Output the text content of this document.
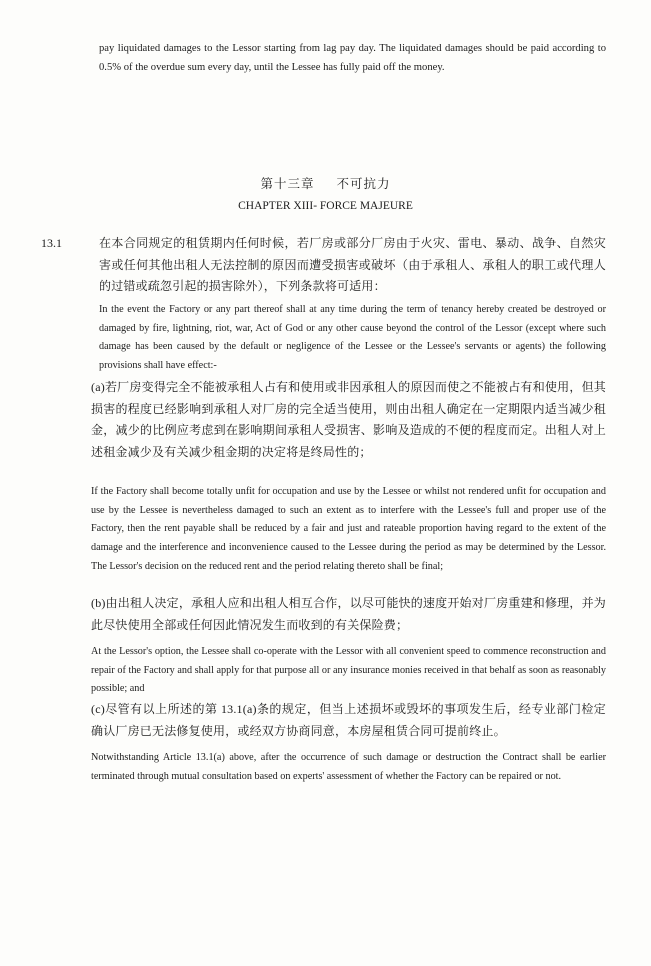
pay liquidated damages to the Lessor starting from lag pay day. The liquidated damages should be paid according to 0.5% of the overdue sum every day, until the Lessee has fully paid off the money.

第十三章 不可抗力
CHAPTER XIII- FORCE MAJEURE
13.1	在本合同规定的租赁期内任何时候，若厂房或部分厂房由于火灾、雷电、暴动、战争、自然灾害或任何其他出租人无法控制的原因而遭受损害或破坏（由于承租人、承租人的职工或代理人的过错或疏忽引起的损害除外），下列条款将可适用：

In the event the Factory or any part thereof shall at any time during the term of tenancy hereby created be destroyed or damaged by fire, lightning, riot, war, Act of God or any other cause beyond the control of the Lessor (except where such damage has been caused by the default or negligence of the Lessee or the Lessee's servants or agents) the following provisions shall have effect:-

(a)若厂房变得完全不能被承租人占有和使用或非因承租人的原因而使之不能被占有和使用，但其损害的程度已经影响到承租人对厂房的完全适当使用，则由出租人确定在一定期限内适当减少租金，减少的比例应考虑到在影响期间承租人受损害、影响及造成的不便的程度而定。出租人对上述租金减少及有关减少租金期的决定将是终局性的；

If the Factory shall become totally unfit for occupation and use by the Lessee or whilst not rendered unfit for occupation and use by the Lessee is nevertheless damaged to such an extent as to interfere with the Lessee's full and proper use of the Factory, then the rent payable shall be reduced by a fair and just and rateable proportion having regard to the extent of the damage and the interference and inconvenience caused to the Lessee during the period as may be determined by the Lessor. The Lessor's decision on the reduced rent and the period relating thereto shall be final;

(b)由出租人决定，承租人应和出租人相互合作，以尽可能快的速度开始对厂房重建和修理，并为此尽快使用全部或任何因此情况发生而收到的有关保险费；

At the Lessor's option, the Lessee shall co-operate with the Lessor with all convenient speed to commence reconstruction and repair of the Factory and shall apply for that purpose all or any insurance monies received in that behalf as soon as reasonably possible; and

(c)尽管有以上所述的第 13.1(a)条的规定，但当上述损坏或毁坏的事项发生后，经专业部门检定确认厂房已无法修复使用，或经双方协商同意，本房屋租赁合同可提前终止。

Notwithstanding Article 13.1(a) above, after the occurrence of such damage or destruction the Contract shall be earlier terminated through mutual consultation based on experts' assessment of whether the Factory can be repaired or not.
